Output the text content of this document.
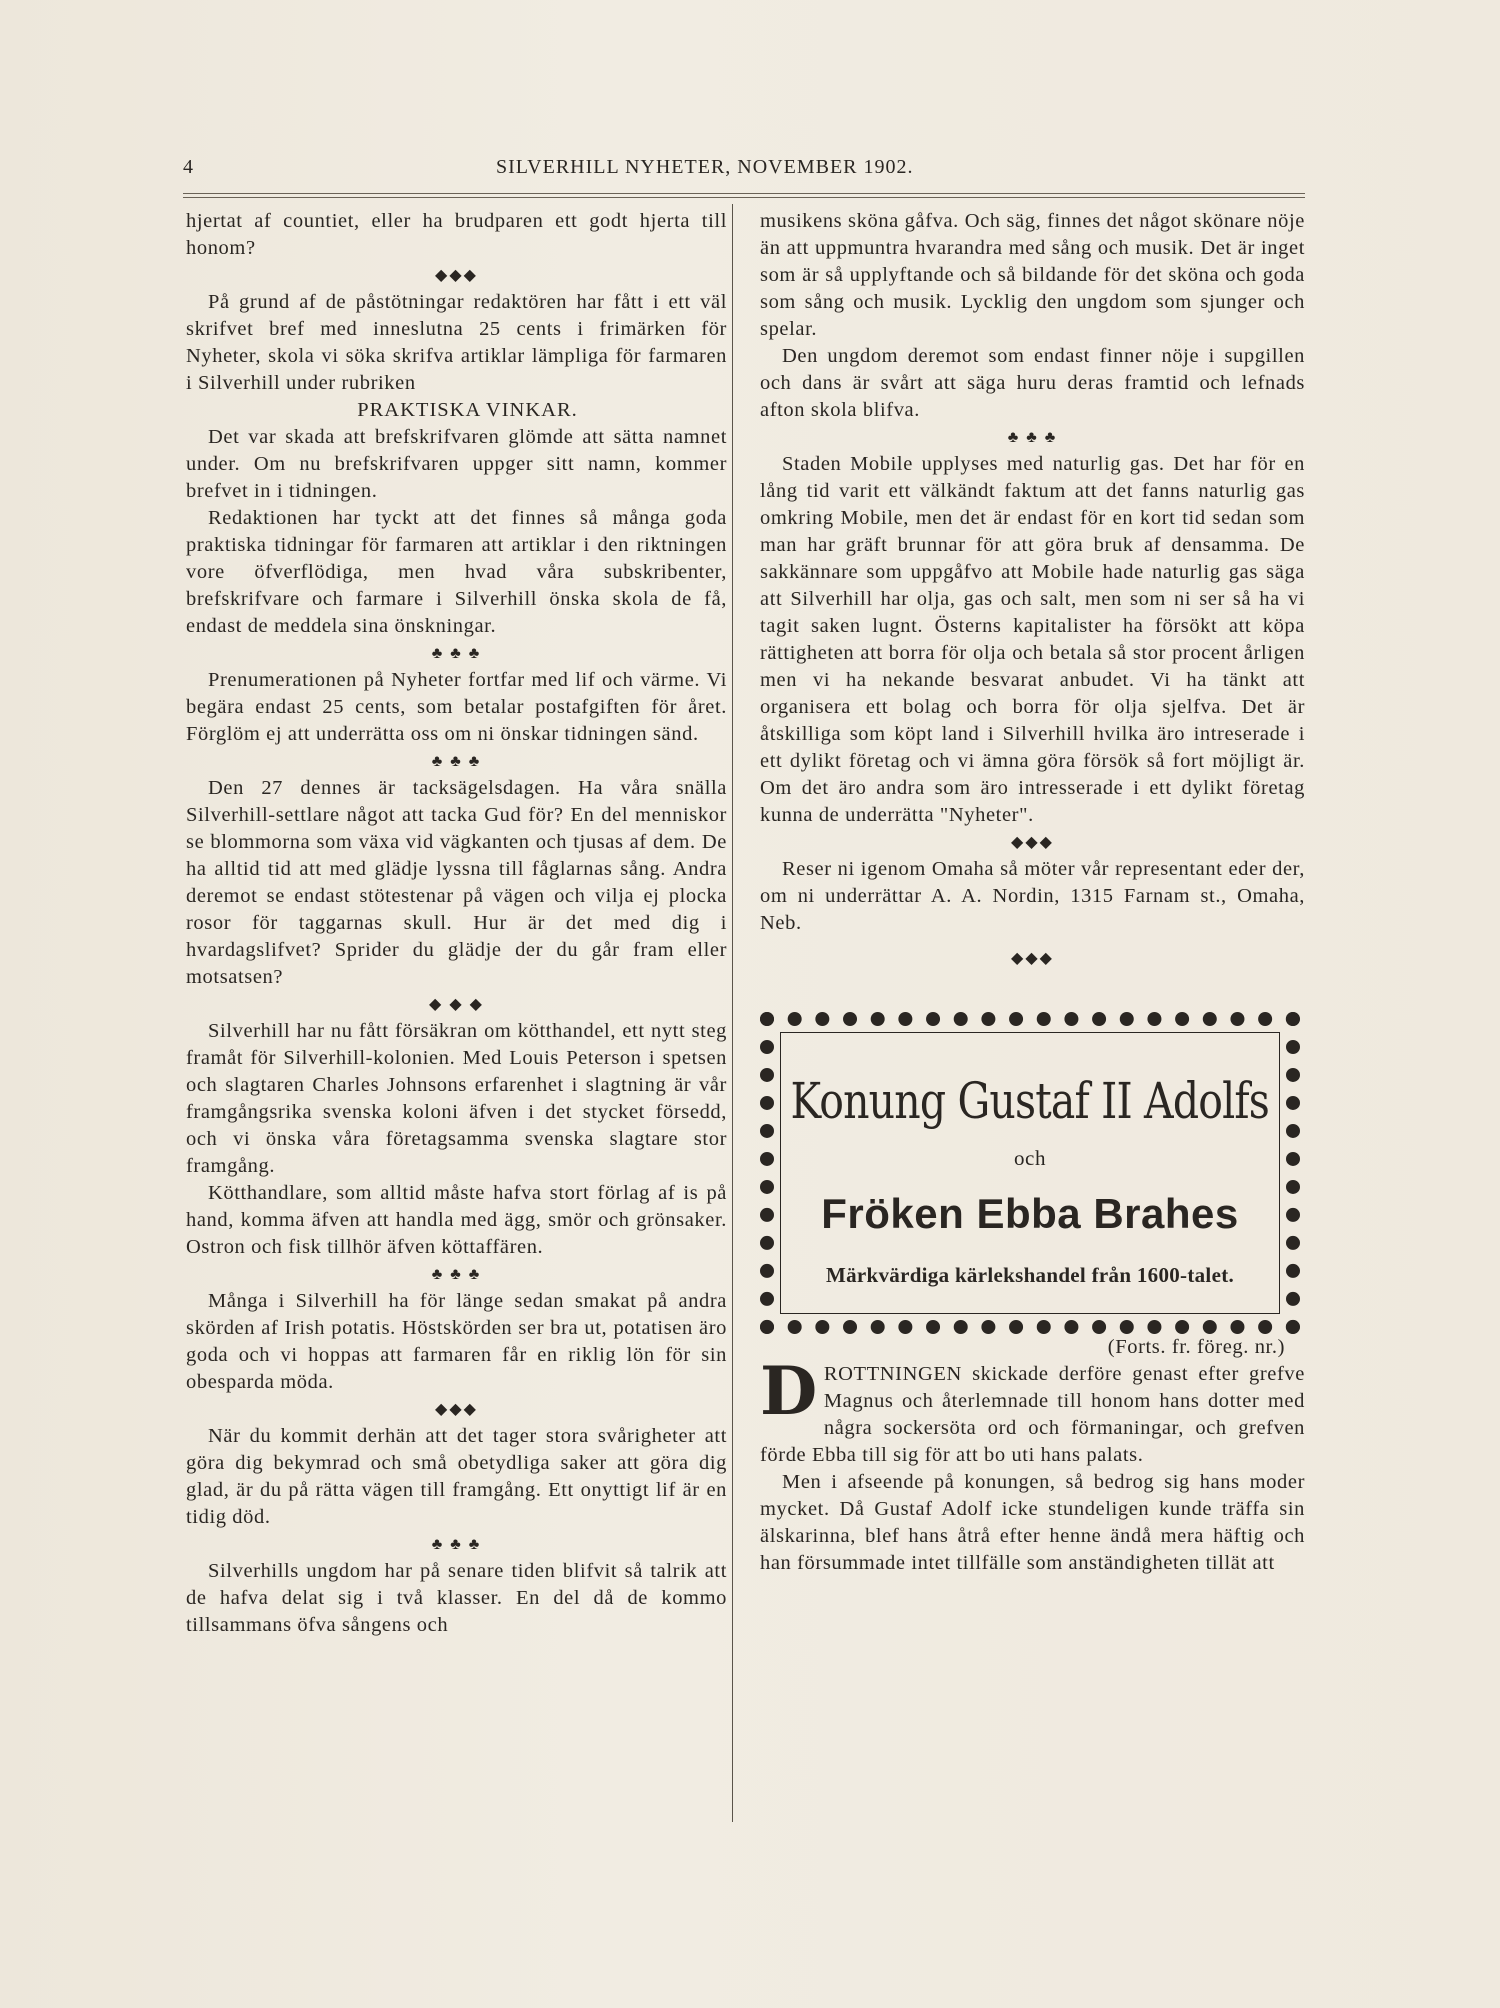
4	SILVERHILL NYHETER, NOVEMBER 1902.

hjertat af countiet, eller ha brudparen ett godt hjerta till honom?

◆◆◆

På grund af de påstötningar redaktören har fått i ett väl skrifvet bref med inneslutna 25 cents i frimärken för Nyheter, skola vi söka skrifva artiklar lämpliga för farmaren i Silverhill under rubriken

PRAKTISKA VINKAR.

Det var skada att brefskrifvaren glömde att sätta namnet under. Om nu brefskrifvaren uppger sitt namn, kommer brefvet in i tidningen.

Redaktionen har tyckt att det finnes så många goda praktiska tidningar för farmaren att artiklar i den riktningen vore öfverflödiga, men hvad våra subskribenter, brefskrifvare och farmare i Silverhill önska skola de få, endast de meddela sina önskningar.

♣ ♣ ♣

Prenumerationen på Nyheter fortfar med lif och värme. Vi begära endast 25 cents, som betalar postafgiften för året. Förglöm ej att underrätta oss om ni önskar tidningen sänd.

♣ ♣ ♣

Den 27 dennes är tacksägelsdagen. Ha våra snälla Silverhill-settlare något att tacka Gud för? En del menniskor se blommorna som växa vid vägkanten och tjusas af dem. De ha alltid tid att med glädje lyssna till fåglarnas sång. Andra deremot se endast stötestenar på vägen och vilja ej plocka rosor för taggarnas skull. Hur är det med dig i hvardagslifvet? Sprider du glädje der du går fram eller motsatsen?

◆ ◆ ◆

Silverhill har nu fått försäkran om kötthandel, ett nytt steg framåt för Silverhill-kolonien. Med Louis Peterson i spetsen och slagtaren Charles Johnsons erfarenhet i slagtning är vår framgångsrika svenska koloni äfven i det stycket försedd, och vi önska våra företagsamma svenska slagtare stor framgång.

Kötthandlare, som alltid måste hafva stort förlag af is på hand, komma äfven att handla med ägg, smör och grönsaker. Ostron och fisk tillhör äfven köttaffären.

♣ ♣ ♣

Många i Silverhill ha för länge sedan smakat på andra skörden af Irish potatis. Höstskörden ser bra ut, potatisen äro goda och vi hoppas att farmaren får en riklig lön för sin obesparda möda.

◆◆◆

När du kommit derhän att det tager stora svårigheter att göra dig bekymrad och små obetydliga saker att göra dig glad, är du på rätta vägen till framgång. Ett onyttigt lif är en tidig död.

♣ ♣ ♣

Silverhills ungdom har på senare tiden blifvit så talrik att de hafva delat sig i två klasser. En del då de kommo tillsammans öfva sångens och

musikens sköna gåfva. Och säg, finnes det något skönare nöje än att uppmuntra hvarandra med sång och musik. Det är inget som är så upplyftande och så bildande för det sköna och goda som sång och musik. Lycklig den ungdom som sjunger och spelar.

Den ungdom deremot som endast finner nöje i supgillen och dans är svårt att säga huru deras framtid och lefnads afton skola blifva.

♣ ♣ ♣

Staden Mobile upplyses med naturlig gas. Det har för en lång tid varit ett välkändt faktum att det fanns naturlig gas omkring Mobile, men det är endast för en kort tid sedan som man har gräft brunnar för att göra bruk af densamma. De sakkännare som uppgåfvo att Mobile hade naturlig gas säga att Silverhill har olja, gas och salt, men som ni ser så ha vi tagit saken lugnt. Österns kapitalister ha försökt att köpa rättigheten att borra för olja och betala så stor procent årligen men vi ha nekande besvarat anbudet. Vi ha tänkt att organisera ett bolag och borra för olja sjelfva. Det är åtskilliga som köpt land i Silverhill hvilka äro intreserade i ett dylikt företag och vi ämna göra försök så fort möjligt är. Om det äro andra som äro intresserade i ett dylikt företag kunna de underrätta "Nyheter".

◆◆◆

Reser ni igenom Omaha så möter vår representant eder der, om ni underrättar A. A. Nordin, 1315 Farnam st., Omaha, Neb.

◆◆◆
Konung Gustaf II Adolfs
och
Fröken Ebba Brahes
Märkvärdiga kärlekshandel från 1600-talet.

(Forts. fr. föreg. nr.)

DROTTNINGEN skickade derföre genast efter grefve Magnus och återlemnade till honom hans dotter med några sockersöta ord och förmaningar, och grefven förde Ebba till sig för att bo uti hans palats.

Men i afseende på konungen, så bedrog sig hans moder mycket. Då Gustaf Adolf icke stundeligen kunde träffa sin älskarinna, blef hans åtrå efter henne ändå mera häftig och han försummade intet tillfälle som anständigheten tillät att
